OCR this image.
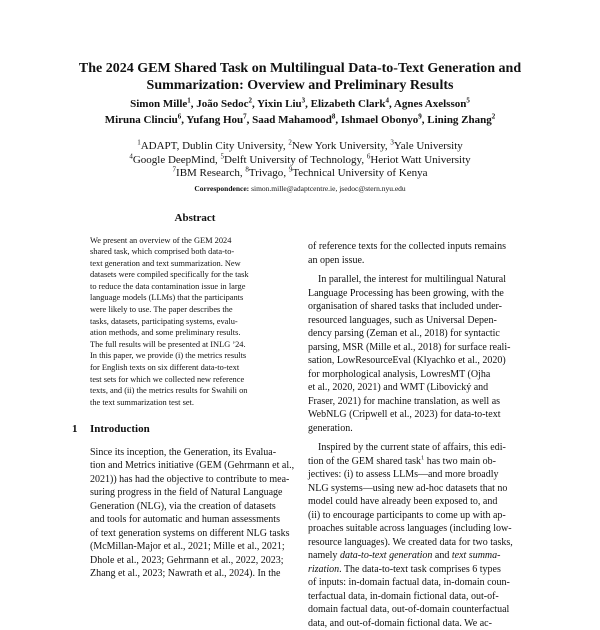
The 2024 GEM Shared Task on Multilingual Data-to-Text Generation and
Summarization: Overview and Preliminary Results
Simon Mille$^1$, João Sedoc$^2$, Yixin Liu$^3$, Elizabeth Clark$^4$, Agnes Axelsson$^5$
Miruna Clinciu$^6$, Yufang Hou$^7$, Saad Mahamood$^8$, Ishmael Obonyo$^9$, Lining Zhang$^2$
$^1$ADAPT, Dublin City University, $^2$New York University, $^3$Yale University
$^4$Google DeepMind, $^5$Delft University of Technology, $^6$Heriot Watt University
$^7$IBM Research, $^8$Trivago, $^9$Technical University of Kenya
Correspondence: simon.mille@adaptcentre.ie, jsedoc@stern.nyu.edu
Abstract
We present an overview of the GEM 2024
shared task, which comprised both data-to-
text generation and text summarization. New
datasets were compiled specifically for the task
to reduce the data contamination issue in large
language models (LLMs) that the participants
were likely to use. The paper describes the
tasks, datasets, participating systems, evalu-
ation methods, and some preliminary results.
The full results will be presented at INLG ’24.
In this paper, we provide (i) the metrics results
for English texts on six different data-to-text
test sets for which we collected new reference
texts, and (ii) the metrics results for Swahili on
the text summarization test set.
1 Introduction
Since its inception, the Generation, its Evalua-
tion and Metrics initiative (GEM (Gehrmann et al.,
2021)) has had the objective to contribute to mea-
suring progress in the field of Natural Language
Generation (NLG), via the creation of datasets
and tools for automatic and human assessments
of text generation systems on different NLG tasks
(McMillan-Major et al., 2021; Mille et al., 2021;
Dhole et al., 2023; Gehrmann et al., 2022, 2023;
Zhang et al., 2023; Nawrath et al., 2024). In the
of reference texts for the collected inputs remains
an open issue.
In parallel, the interest for multilingual Natural
Language Processing has been growing, with the
organisation of shared tasks that included under-
resourced languages, such as Universal Depen-
dency parsing (Zeman et al., 2018) for syntactic
parsing, MSR (Mille et al., 2018) for surface reali-
sation, LowResourceEval (Klyachko et al., 2020)
for morphological analysis, LowresMT (Ojha
et al., 2020, 2021) and WMT (Libovický and
Fraser, 2021) for machine translation, as well as
WebNLG (Cripwell et al., 2023) for data-to-text
generation.
Inspired by the current state of affairs, this edi-
tion of the GEM shared task$^1$ has two main ob-
jectives: (i) to assess LLMs—and more broadly
NLG systems—using new ad-hoc datasets that no
model could have already been exposed to, and
(ii) to encourage participants to come up with ap-
proaches suitable across languages (including low-
resource languages). We created data for two tasks,
namely data-to-text generation and text summa-
rization. The data-to-text task comprises 6 types
of inputs: in-domain factual data, in-domain coun-
terfactual data, in-domain fictional data, out-of-
domain factual data, out-of-domain counterfactual
data, and out-of-domain fictional data. We ac-
